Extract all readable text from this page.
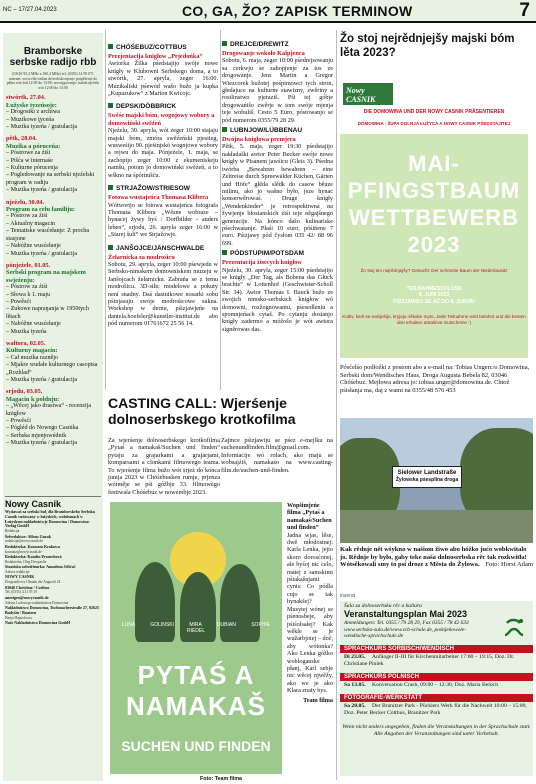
NC – 17/27.04.2023	CO, GA, ŽO? ZAPISK TERMINOW	7
Bramborske serbske radijo rbb
(UKW 95,4 MHz a 100,4 MHz) tel. (0355) 14 99 071 internet: www.rbb-online.de/serbski mjenje pośpěšenje do pětka wót źeń 12:00 do 13:00; nrocejgowanje: kuždu nječelu wót 12:00 do 13:00
stwórtk, 27.04.
Łužyske tyzeńsoje:
– Drogostki z archiwa
– Muzikowe ţyceńa
– Muzika tyzeńa / gratulacija
pětk, 28.04.
Muzika a póruceńa:
– Póstrowe za źiśi
– Pišća w internaśe
– Kulturne pórucenja
– Pogledowanje na serbski njeźelski program w radiju
– Muzika tyzeńa / gratulacija
njeźelu, 30.04.
Program za cełu familiju:
– Póstrow za źiśi
– Aktualny magacin
– Tematiske wusćełanje: Z procha stasjone
– Nabóžne wusćełanje
– Muzika tyzeńa / gratulacija
pónjeźele, 01.05.
Serbski program na majskem swjeźenju:
– Póstrow za źiśi
– Słowa k 1. maju
– Powěsći
– Zukowe napraŋanja w 1950tych lětach
– Nabóžne wusćełanje
– Muzika tyzeńa
wałtora, 02.05.
Kulturny magacin:
– Cał muzika raznějo
– Mjakre wudałe kulturnego casopisa „Rozhlad“
– Muzika tyzeńa / gratulacija
srjodu, 03.05.
Magacin k połdnju:
– „Wěcej jako drastwa“ - recenzija knigłow
– Powěsći
– Pógléd do Nowego Casnika
– Serbska mjenjowédnik
– Muzika tyzeńa / gratulacija
Nowy Casnik
Wydawaš za serbski lud, dla Bramborskeho Serbska Casnik vudawany w łužyskich, wulabanach w Łużyskem nakładnistwje Domowina / Domowina-Verlag GmbH
Redakcija
Šefredaktor: Alfons Guzak
redakcija@nowycasnik.de
Redakterka: Kosmata Krakowa
kosmata@nowycasnik.de
Redakterka: Katalin Pronechová
Redakterka: Oleg Dewpaslia
Stoatiska sobotřinarka: Annalena Jelščač
Adresa redakcije:
NOWY CASNIK
Drogstadiowy Obradu der Augustfi 24
03046 Chóśebuz / Cottbus
Tel. (0355) 4 31 05 19
anzeigen@nowycasnik.de
Adresa Ludowego nakładnistwa Domowina
Nakładnistwo Domowina, Tuchmacherstraße 27, 02625 Budyšin / Bautzen
Hanja Hajnichowa
Naše Nakładnistwo Domowina GmbH
CHÓŚEBUZ/COTTBUS
Prezjentacija knigłow „Prjedońka“
Awtorka Žilka pśedstajijo swóje nowe knigły w Klubowni Serbskego doma, a to stwórtk, 27. apryla, zeger 16:00. Muzikaliski pśewód wašo bužo ja kupka „Kupazukow“ z Marion Kwicojc.
DEPSK/DÖBBRICK
Swěśe majski bóm, wognjowy wobory a domowiński swěźeń
Njeźelu, 30. apryla, wót zeger 10:00 stajaju majski bóm, zmóra swěźeński pjesiteg, wusweśijo 90. pjeśinjskó wognjowe wobory a rejwu do maja. Pónjeźele, 1. maja, se zachopijo zeger 10:00 z ekumeniskeju namšu, potom jo domowiński swěźeń, a to wškno na śpórtnišću.
STRJAŽOW/STRIESOW
Fotowa wustajeńca Thomasa Klibera
Wótworijo se fotowa wustajeńca fotografa Thomasa Klibera „Wěsne wobraze – hynacej žywy byś / Dorfbilder - anders leben“, srjodu, 26. apryla zeger 16:00 w „Starej šuli“ we Strjažowje.
JANŠOJCE/JÄNSCHWALDE
Žełarnicka za modrośicu
Sobotu, 29. apryla, zeger 10:00 pśewjedu w Serbsko-nimskem domowniskem muzeju w Janšojcach žełarnicku. Zabrańa se z temu modrošicu. 3D-siłic modelowe a pokuty není snadny. Daś dastnikowe nosarki sobu pśinjasuju swóje modrośicowe sukna. Workshop w dernu, pśizjawjeńe na daniela.hoefeler@kunstler-institut.de abo pód numerom 01761672 25 56 14.
DREJCE/DREWITZ
Drogowanje wokoło Kalpjenca
Sobotu, 6. maja, zeger 10:00 pśedrejsowanju sa cerkwju se zahopjenje za tos ze drogowanje. Jens Martin a Gregor Wiezcorek bužotej pośpimowci tych stron, głedajuce na kulturne stawizny, zwěriny a rostlinstwo pjeraziš. Pśi tej góbje drogowańišo zwěrje w tom swóje mjenja teje wobuliš. Cesto 5 Euro, póstowanjo se pód numerom 0355/79 28 29.
LUBNJOW/LÜBBENAU
Dwójna knigłowa premjera
Pětk, 5. maja, zeger 19:30 pśedstajijo nakładaški awtor Peter Becker swóje nowe knigły w Pisanem jawśicu (Gleis 3). Pśedna twórba „Bewahren bewahren – eine Zeitreise durch Spreewälder Küchen, Gärten und Höfe“ głěda slědk do casow běuze milinu, ako jo wašno było, jeze hynac konserwěrowaś. Druge knigły „Wendenkinder“ je retrospektiwna na žywjenje błosianskich źiśi teje něgajšnego generacije. Na kónco dašo kulinariske pśechwatanje. Płaśi 10 euro, póśińene 7 euro. Pśizjawy pód čysłom 035 42/ 88 96 699.
PÓDSTUPIM/POTSDAM
Prezentacija źisecych knigłow
Njeźelu, 30. apryla, zeger 15:00 pśedstajijo se knigły „Der Tag, als Bobena das Glück brachte“ w Lottenhof (Geschwister-Scholl Str. 34). Awtor Thomas I. Hauck bužo ze swojich nimsko-serbskich knigłow wó domowni, rozžognowaniu, pśesedleniu a spomnjeńach cytaš. Po cytanju dostanjo knigły zadermo a móžošo je wót awtora signěrowas das.
Žo stoj nejrědnjejšy majski bóm lěta 2023?
Nowy CASNIK
die Domowina und der Nowy Casnik präsentieren
DIE DOMOWINA UND DER NOWY CASNIK PRÄSENTIEREN
DOMOWINA · ŽUPA DOLNJA ŁUŽYCA A NOWY CASNIK PŚEDSTAJITEJ
MAI-
PFINGSTBAUM
WETTBEWERB
2023
Žo stoj ten najrědnjejšy? Gesucht: Der schönste Baum der Niederlausitz
TEILNAHMESCHLUSS
9. JUNI 2023
PŚIZJAWSO SE AŽ DO 9. JUNJA!
Kultiv, keril se wobjeśijo, kryjoju někake myto, Jede Teilnahme wird belohnt und die besten drei erhalten attraktive Gutscheine :)
Pósćelśo podłožki z postom abo a e-mail na: Tobias Ungerc/o Domowina, Serbski dom/Wendisches Haus, Droga Augusta Bebela 82, 03046 Chóśebuz. Mejłowa adresa jo: tobias.unger@domowina.de. Chtož pśisłanja ma, daj z wami na 0355/48 576 453
Sielower Landstraße
Žylowska pśesplina droga
Kak rědnje nět wšykno w našiom žiwo abo hóžko jućo wobkwitalo jo. Rědnje by było, gaby teke naša dolnoserbska rěc tak rozkwitła! Wótsěkowali smy to psi droze z Města do Žylowa. Foto: Horst Adam
inserat
Šula za dolnoserbsku rěc a kulturu
Veranstaltungsplan Mai 2023
Anmeldungen: Tel. 0355 / 79 28 29, Fax 0355 / 78 42 633 www.serbska-sula.de/www.zcb-schule.de, pośnjeńowole-wendische-sprachschule.de
SPRACHKURS SORBISCH/WENDISCH
Di 23.05. Anfänger II-III für Kirchenmitarbeiter 17:00 – 19:15, Doz. Dr. Christiane Piniek
SPRACHKURS POLNISCH
Sa 13.05. Konversation Crash, 09:00 – 12:30, Doz. Maria Beloch
FOTOGRAFIE-WERKSTATT
Sa 20.05. Der Branitzer Park - Pücklers Werk für die Nachwelt 10:00 – 15:00, Doz. Peter Becker Cottbus, Branitzer Park
Wenn nicht anders angegeben, finden die Veranstaltungen in der Sprachschule statt. Alle Angaben der Veranstaltungen sind unter Vorbehalt.
CASTING CALL: Wjerśenje dolnoserbskego krotkofilma
Za wjerśenje dolnoserbskego krotkofilma „Pytaś a namakaš/Suchen und finden“ pytaju za grajarkami a grajarjami, komparsami a clonkami filmowego teama. To wjerśenje filma bužo wót srjeź do kónca junija 2023 w Chóśebusken rumje, prjenza wótměje se pśi góžbje 33. filmowego festiwala Chóśebuz w nowembje 2023.
Zajmce pśizjawiju se pśez e-mejlku na suchenundfinden.film@gmail.com. Informacije wó rolach, ako maju se wobsajźiš, namakaśo na www.casting-film.de/suchen-und-finden.
LUNA GOLINSKI MIRA DUBIAN SOPHIE RIEDEL
PYTAŚ A
NAMAKAŠ
SUCHEN UND FINDEN
Wopšimjeńe filma „Pytaś a namakaš/Suchen und finden“
Jadna wjas, lěse, dwě młodostnej: Karla Lenka, jejio skoro dorosćonej, ale byśoj nic celo, matej z samskimi pśiakašnjami cynis: Co pódla cujo se tak hynakšej? Musytej wónej se pśenosbeje, aby pśiśolsałej? Kak wěkle se je wužarbjotej – doč, aby wótonka? Ako Lenka góžko wobloganske płanj, Karl sebje nic wěcej njwěžy, ako we je ako Klara znaty bys.
Team filma
Foto: Team filma
